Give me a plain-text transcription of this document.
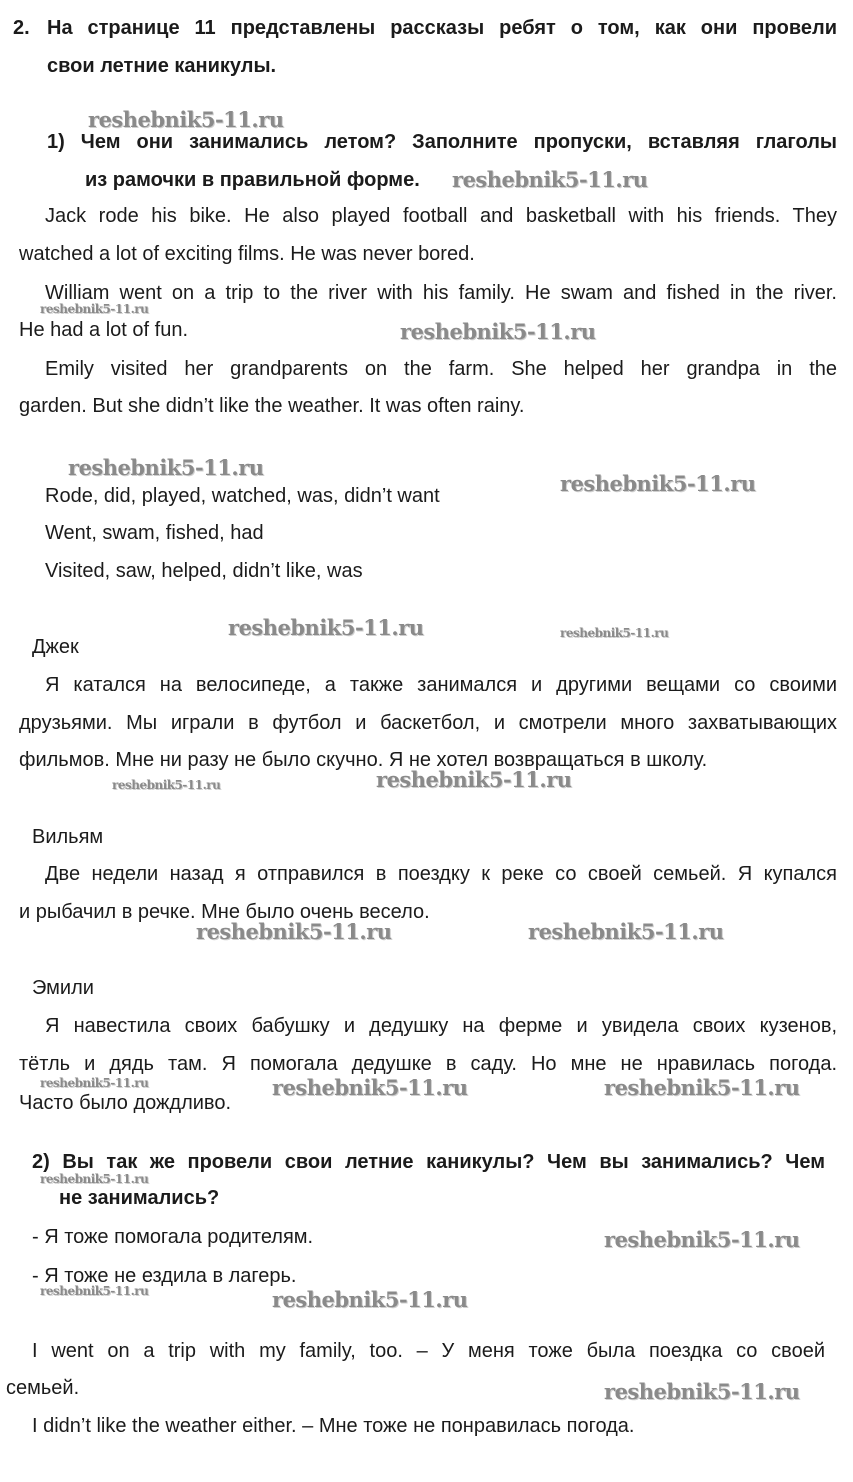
2. На странице 11 представлены рассказы ребят о том, как они провели
свои летние каникулы.
1) Чем они занимались летом? Заполните пропуски, вставляя глаголы
из рамочки в правильной форме.
Jack rode his bike. He also played football and basketball with his friends. They
watched a lot of exciting films. He was never bored.
William went on a trip to the river with his family. He swam and fished in the river.
He had a lot of fun.
Emily visited her grandparents on the farm. She helped her grandpa in the
garden. But she didn’t like the weather. It was often rainy.
Rode, did, played, watched, was, didn’t want
Went, swam, fished, had
Visited, saw, helped, didn’t like, was
Джек
Я катался на велосипеде, а также занимался и другими вещами со своими
друзьями. Мы играли в футбол и баскетбол, и смотрели много захватывающих
фильмов. Мне ни разу не было скучно. Я не хотел возвращаться в школу.
Вильям
Две недели назад я отправился в поездку к реке со своей семьей. Я купался
и рыбачил в речке. Мне было очень весело.
Эмили
Я навестила своих бабушку и дедушку на ферме и увидела своих кузенов,
тётль и дядь там. Я помогала дедушке в саду. Но мне не нравилась погода.
Часто было дождливо.
2) Вы так же провели свои летние каникулы? Чем вы занимались? Чем
не занимались?
- Я тоже помогала родителям.
- Я тоже не ездила в лагерь.
I went on a trip with my family, too. – У меня тоже была поездка со своей
семьей.
I didn’t like the weather either. – Мне тоже не понравилась погода.
reshebnik5-11.ru
reshebnik5-11.ru
reshebnik5-11.ru
reshebnik5-11.ru
reshebnik5-11.ru
reshebnik5-11.ru
reshebnik5-11.ru	reshebnik5-11.ru
reshebnik5-11.ru	reshebnik5-11.ru
reshebnik5-11.ru	reshebnik5-11.ru
reshebnik5-11.ru	reshebnik5-11.ru	reshebnik5-11.ru
reshebnik5-11.ru
reshebnik5-11.ru
reshebnik5-11.ru	reshebnik5-11.ru
reshebnik5-11.ru
